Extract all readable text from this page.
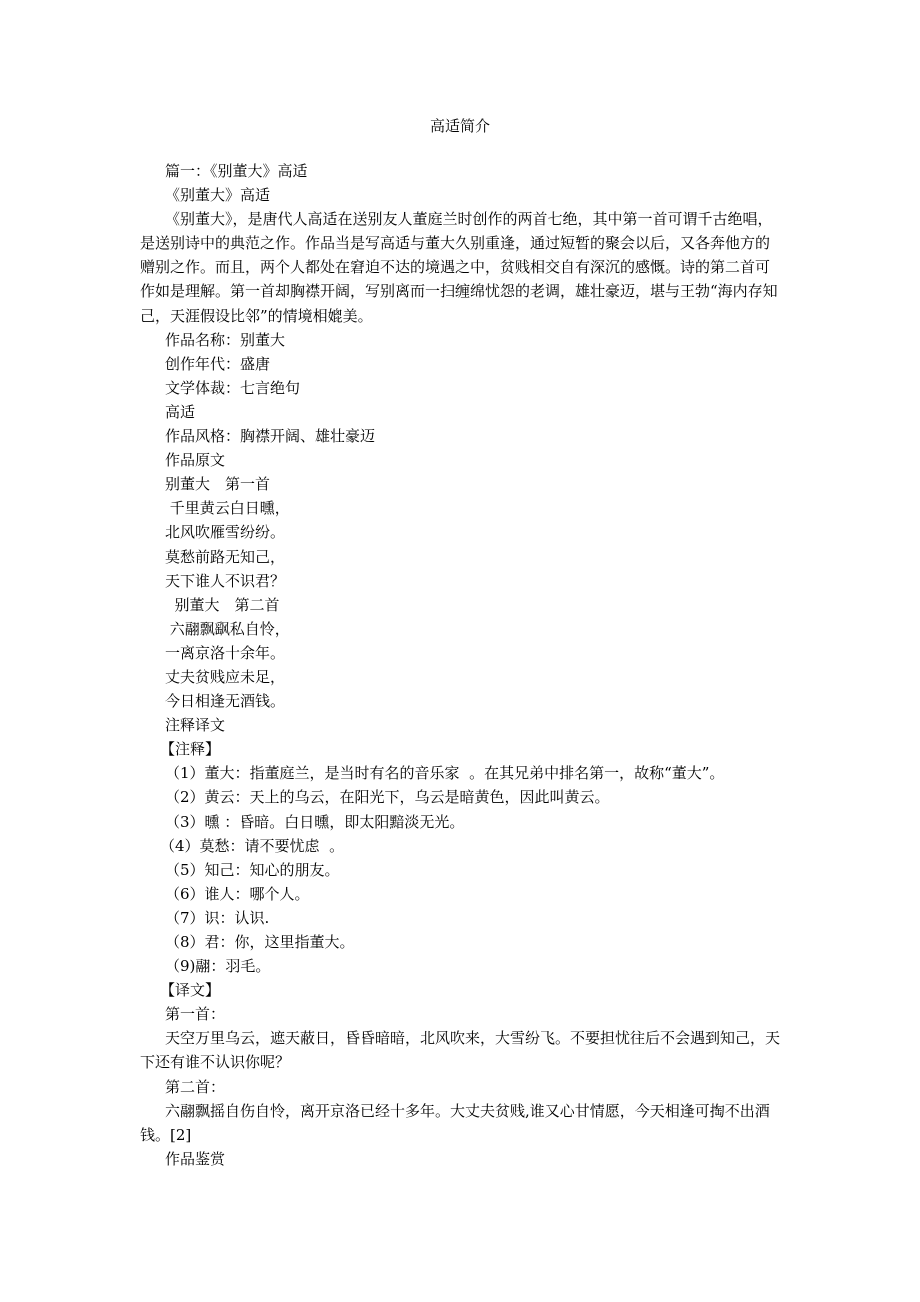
高适简介

篇一：《别董大》高适

《别董大》高适

《别董大》，是唐代人高适在送别友人董庭兰时创作的两首七绝，其中第一首可谓千古绝唱，是送别诗中的典范之作。作品当是写高适与董大久别重逢，通过短暂的聚会以后，又各奔他方的赠别之作。而且，两个人都处在窘迫不达的境遇之中，贫贱相交自有深沉的感慨。诗的第二首可作如是理解。第一首却胸襟开阔，写别离而一扫缠绵忧怨的老调，雄壮豪迈，堪与王勃“海内存知己，天涯假设比邻”的情境相媲美。

作品名称：别董大

创作年代：盛唐

文学体裁：七言绝句

高适

作品风格：胸襟开阔、雄壮豪迈

作品原文

别董大　第一首

千里黄云白日曛，

北风吹雁雪纷纷。

莫愁前路无知己，

天下谁人不识君？

别董大　第二首

六翮飘飖私自怜，

一离京洛十余年。

丈夫贫贱应未足，

今日相逢无酒钱。

注释译文

【注释】

（1）董大：指董庭兰，是当时有名的音乐家  。在其兄弟中排名第一，故称“董大”。

（2）黄云：天上的乌云，在阳光下，乌云是暗黄色，因此叫黄云。

（3）曛 ：昏暗。白日曛，即太阳黯淡无光。

（4）莫愁：请不要忧虑  。

（5）知己：知心的朋友。

（6）谁人：哪个人。

（7）识：认识.

（8）君：你，这里指董大。

（9)翮：羽毛。

【译文】

第一首：

天空万里乌云，遮天蔽日，昏昏暗暗，北风吹来，大雪纷飞。不要担忧往后不会遇到知己，天下还有谁不认识你呢？

第二首：

六翮飘摇自伤自怜，离开京洛已经十多年。大丈夫贫贱,谁又心甘情愿，今天相逢可掏不出酒钱。[2]

作品鉴赏
